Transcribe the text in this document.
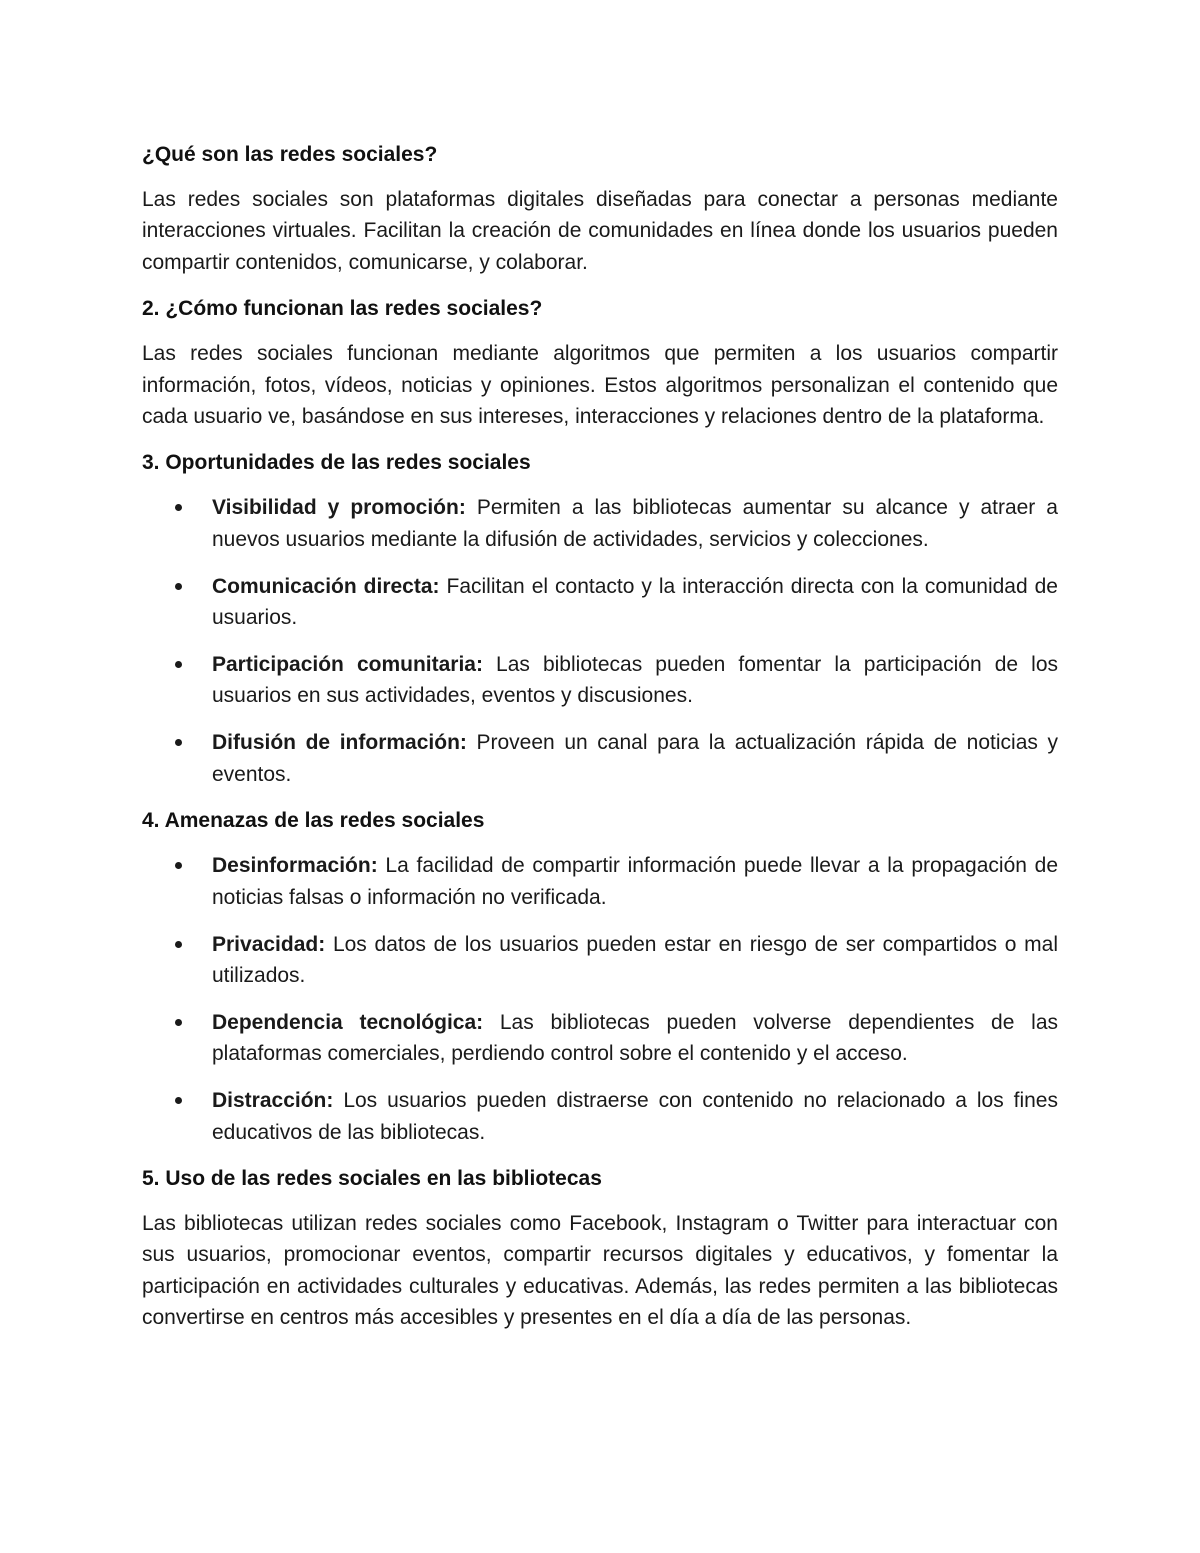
¿Qué son las redes sociales?
Las redes sociales son plataformas digitales diseñadas para conectar a personas mediante interacciones virtuales. Facilitan la creación de comunidades en línea donde los usuarios pueden compartir contenidos, comunicarse, y colaborar.
2. ¿Cómo funcionan las redes sociales?
Las redes sociales funcionan mediante algoritmos que permiten a los usuarios compartir información, fotos, vídeos, noticias y opiniones. Estos algoritmos personalizan el contenido que cada usuario ve, basándose en sus intereses, interacciones y relaciones dentro de la plataforma.
3. Oportunidades de las redes sociales
Visibilidad y promoción: Permiten a las bibliotecas aumentar su alcance y atraer a nuevos usuarios mediante la difusión de actividades, servicios y colecciones.
Comunicación directa: Facilitan el contacto y la interacción directa con la comunidad de usuarios.
Participación comunitaria: Las bibliotecas pueden fomentar la participación de los usuarios en sus actividades, eventos y discusiones.
Difusión de información: Proveen un canal para la actualización rápida de noticias y eventos.
4. Amenazas de las redes sociales
Desinformación: La facilidad de compartir información puede llevar a la propagación de noticias falsas o información no verificada.
Privacidad: Los datos de los usuarios pueden estar en riesgo de ser compartidos o mal utilizados.
Dependencia tecnológica: Las bibliotecas pueden volverse dependientes de las plataformas comerciales, perdiendo control sobre el contenido y el acceso.
Distracción: Los usuarios pueden distraerse con contenido no relacionado a los fines educativos de las bibliotecas.
5. Uso de las redes sociales en las bibliotecas
Las bibliotecas utilizan redes sociales como Facebook, Instagram o Twitter para interactuar con sus usuarios, promocionar eventos, compartir recursos digitales y educativos, y fomentar la participación en actividades culturales y educativas. Además, las redes permiten a las bibliotecas convertirse en centros más accesibles y presentes en el día a día de las personas.
